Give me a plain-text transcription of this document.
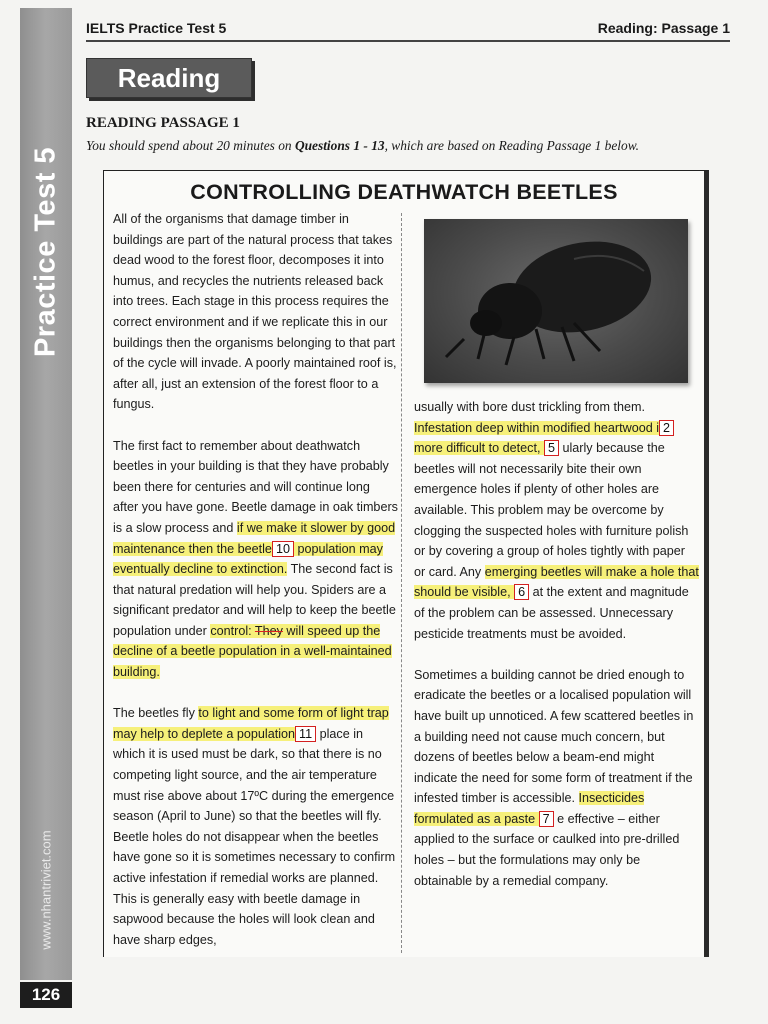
Practice Test 5
www.nhantriviet.com
126
IELTS Practice Test 5	Reading: Passage 1
Reading
READING PASSAGE 1
You should spend about 20 minutes on Questions 1 - 13, which are based on Reading Passage 1 below.
CONTROLLING DEATHWATCH BEETLES

All of the organisms that damage timber in buildings are part of the natural process that takes dead wood to the forest floor, decomposes it into humus, and recycles the nutrients released back into trees. Each stage in this process requires the correct environment and if we replicate this in our buildings then the organisms belonging to that part of the cycle will invade. A poorly maintained roof is, after all, just an extension of the forest floor to a fungus.

The first fact to remember about deathwatch beetles in your building is that they have probably been there for centuries and will continue long after you have gone. Beetle damage in oak timbers is a slow process and if we make it slower by good maintenance then the beetle 10 population may eventually decline to extinction. The second fact is that natural predation will help you. Spiders are a significant predator and will help to keep the beetle population under control: They will speed up the decline of a beetle population in a well-maintained building.

The beetles fly to light and some form of light trap may help to deplete a population 11 place in which it is used must be dark, so that there is no competing light source, and the air temperature must rise above about 17ºC during the emergence season (April to June) so that the beetles will fly. Beetle holes do not disappear when the beetles have gone so it is sometimes necessary to confirm active infestation if remedial works are planned. This is generally easy with beetle damage in sapwood because the holes will look clean and have sharp edges,

usually with bore dust trickling from them. Infestation deep within modified heartwood i 2 more difficult to detect, 5 ularly because the beetles will not necessarily bite their own emergence holes if plenty of other holes are available. This problem may be overcome by clogging the suspected holes with furniture polish or by covering a group of holes tightly with paper or card. Any emerging beetles will make a hole that should be visible, 6 at the extent and magnitude of the problem can be assessed. Unnecessary pesticide treatments must be avoided.

Sometimes a building cannot be dried enough to eradicate the beetles or a localised population will have built up unnoticed. A few scattered beetles in a building need not cause much concern, but dozens of beetles below a beam-end might indicate the need for some form of treatment if the infested timber is accessible. Insecticides formulated as a paste 7 e effective – either applied to the surface or caulked into pre-drilled holes – but the formulations may only be obtainable by a remedial company.
